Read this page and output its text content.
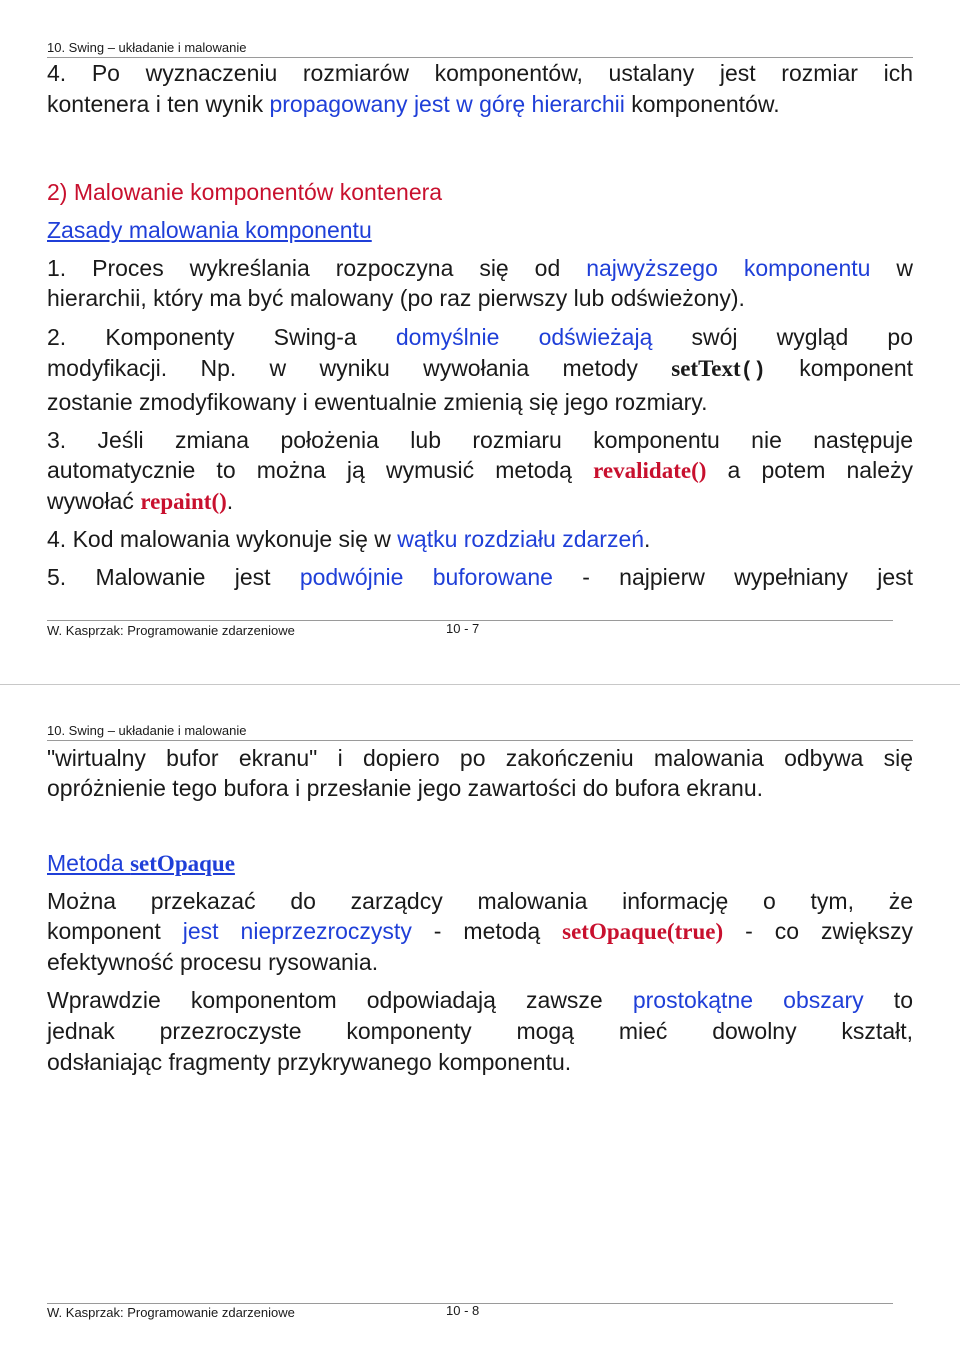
10. Swing – układanie i malowanie
4. Po wyznaczeniu rozmiarów komponentów, ustalany jest rozmiar ich
kontenera i ten wynik propagowany jest w górę hierarchii komponentów.
2) Malowanie komponentów kontenera
Zasady malowania komponentu
1. Proces wykreślania rozpoczyna się od najwyższego komponentu w
hierarchii, który ma być malowany (po raz pierwszy lub odświeżony).
2. Komponenty Swing-a domyślnie odświeżają swój wygląd po
modyfikacji. Np. w wyniku wywołania metody setText() komponent
zostanie zmodyfikowany i ewentualnie zmienią się jego rozmiary.
3. Jeśli zmiana położenia lub rozmiaru komponentu nie następuje
automatycznie to można ją wymusić metodą revalidate() a potem należy
wywołać repaint().
4. Kod malowania wykonuje się w wątku rozdziału zdarzeń.
5. Malowanie jest podwójnie buforowane - najpierw wypełniany jest
W. Kasprzak: Programowanie zdarzeniowe	10 - 7
10. Swing – układanie i malowanie
"wirtualny bufor ekranu" i dopiero po zakończeniu malowania odbywa się
opróżnienie tego bufora i przesłanie jego zawartości do bufora ekranu.
Metoda setOpaque
Można przekazać do zarządcy malowania informację o tym, że
komponent jest nieprzezroczysty - metodą setOpaque(true) - co zwiększy
efektywność procesu rysowania.
Wprawdzie komponentom odpowiadają zawsze prostokątne obszary to
jednak przezroczyste komponenty mogą mieć dowolny kształt,
odsłaniając fragmenty przykrywanego komponentu.
W. Kasprzak: Programowanie zdarzeniowe	10 - 8
